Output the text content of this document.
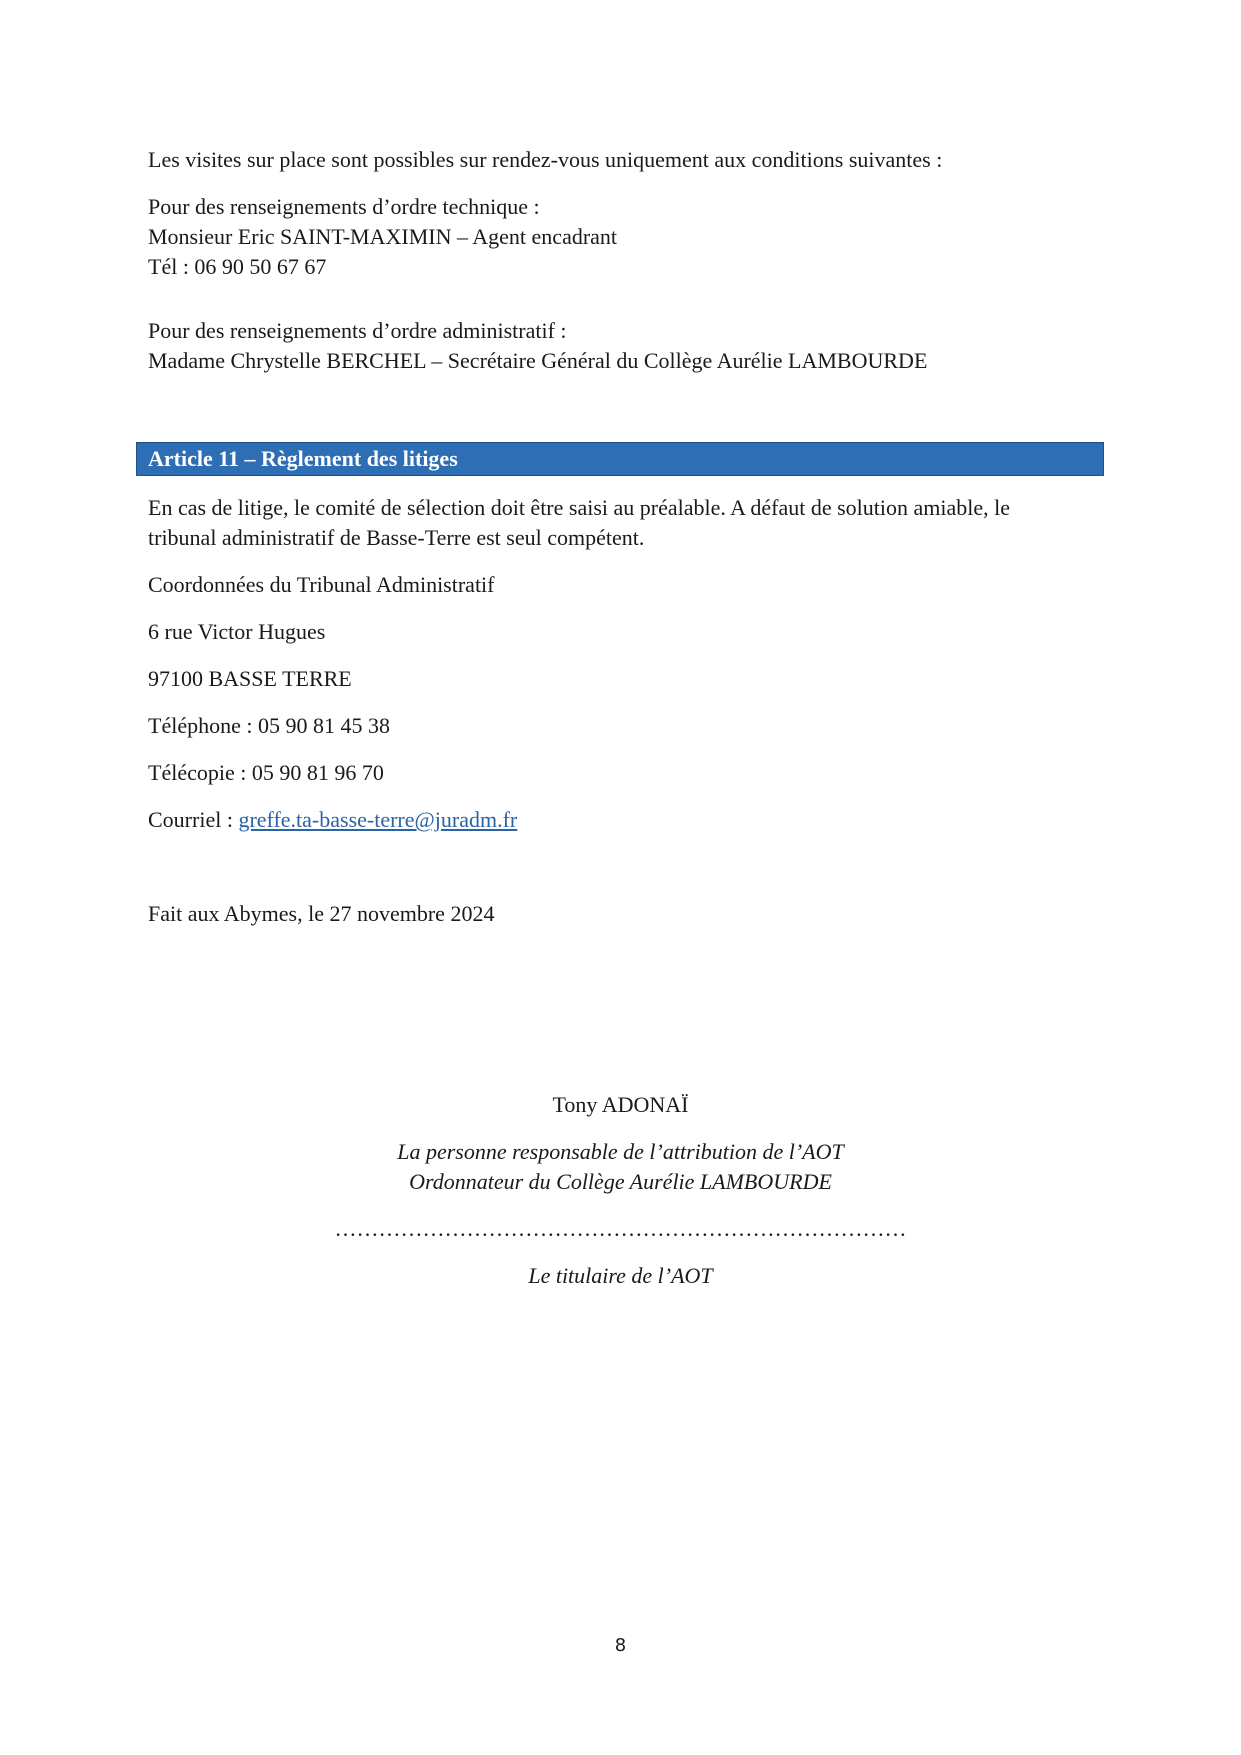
Les visites sur place sont possibles sur rendez-vous uniquement aux conditions suivantes :
Pour des renseignements d’ordre technique :
Monsieur Eric SAINT-MAXIMIN – Agent encadrant
Tél : 06 90 50 67 67
Pour des renseignements d’ordre administratif :
Madame Chrystelle BERCHEL – Secrétaire Général du Collège Aurélie LAMBOURDE
Article 11 – Règlement des litiges
En cas de litige, le comité de sélection doit être saisi au préalable. A défaut de solution amiable, le
tribunal administratif de Basse-Terre est seul compétent.
Coordonnées du Tribunal Administratif
6 rue Victor Hugues
97100 BASSE TERRE
Téléphone : 05 90 81 45 38
Télécopie : 05 90 81 96 70
Courriel : greffe.ta-basse-terre@juradm.fr
Fait aux Abymes, le 27 novembre 2024
Tony ADONAÏ
La personne responsable de l’attribution de l’AOT
Ordonnateur du Collège Aurélie LAMBOURDE
……………………………………………………………………
Le titulaire de l’AOT
8
